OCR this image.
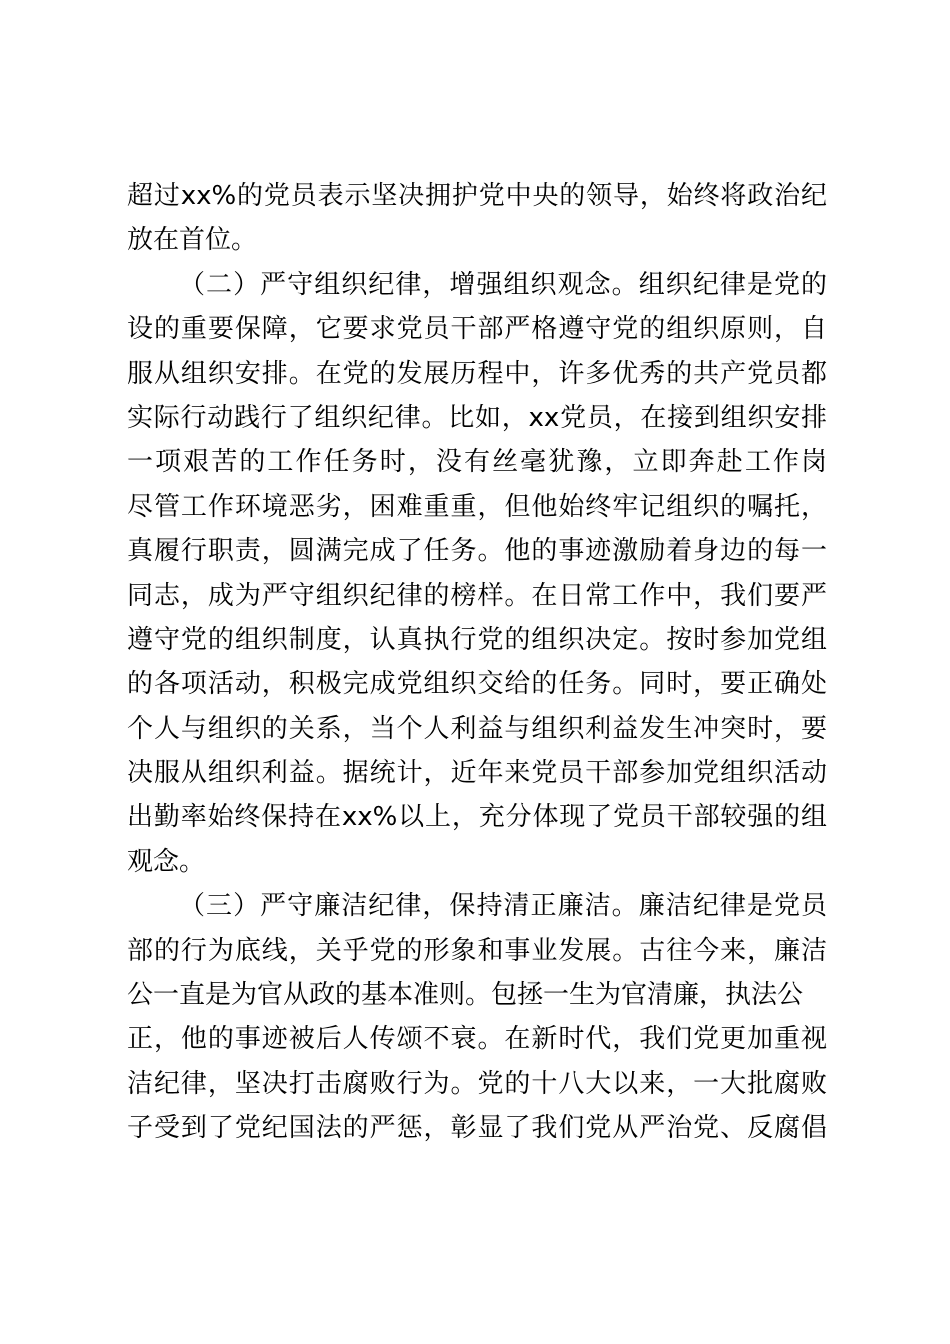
超过xx%的党员表示坚决拥护党中央的领导，始终将政治纪
放在首位。
（二）严守组织纪律，增强组织观念。组织纪律是党的
设的重要保障，它要求党员干部严格遵守党的组织原则，自
服从组织安排。在党的发展历程中，许多优秀的共产党员都
实际行动践行了组织纪律。比如，xx党员，在接到组织安排
一项艰苦的工作任务时，没有丝毫犹豫，立即奔赴工作岗
尽管工作环境恶劣，困难重重，但他始终牢记组织的嘱托，
真履行职责，圆满完成了任务。他的事迹激励着身边的每一
同志，成为严守组织纪律的榜样。在日常工作中，我们要严
遵守党的组织制度，认真执行党的组织决定。按时参加党组
的各项活动，积极完成党组织交给的任务。同时，要正确处
个人与组织的关系，当个人利益与组织利益发生冲突时，要
决服从组织利益。据统计，近年来党员干部参加党组织活动
出勤率始终保持在xx%以上，充分体现了党员干部较强的组
观念。
（三）严守廉洁纪律，保持清正廉洁。廉洁纪律是党员
部的行为底线，关乎党的形象和事业发展。古往今来，廉洁
公一直是为官从政的基本准则。包拯一生为官清廉，执法公
正，他的事迹被后人传颂不衰。在新时代，我们党更加重视
洁纪律，坚决打击腐败行为。党的十八大以来，一大批腐败
子受到了党纪国法的严惩，彰显了我们党从严治党、反腐倡
